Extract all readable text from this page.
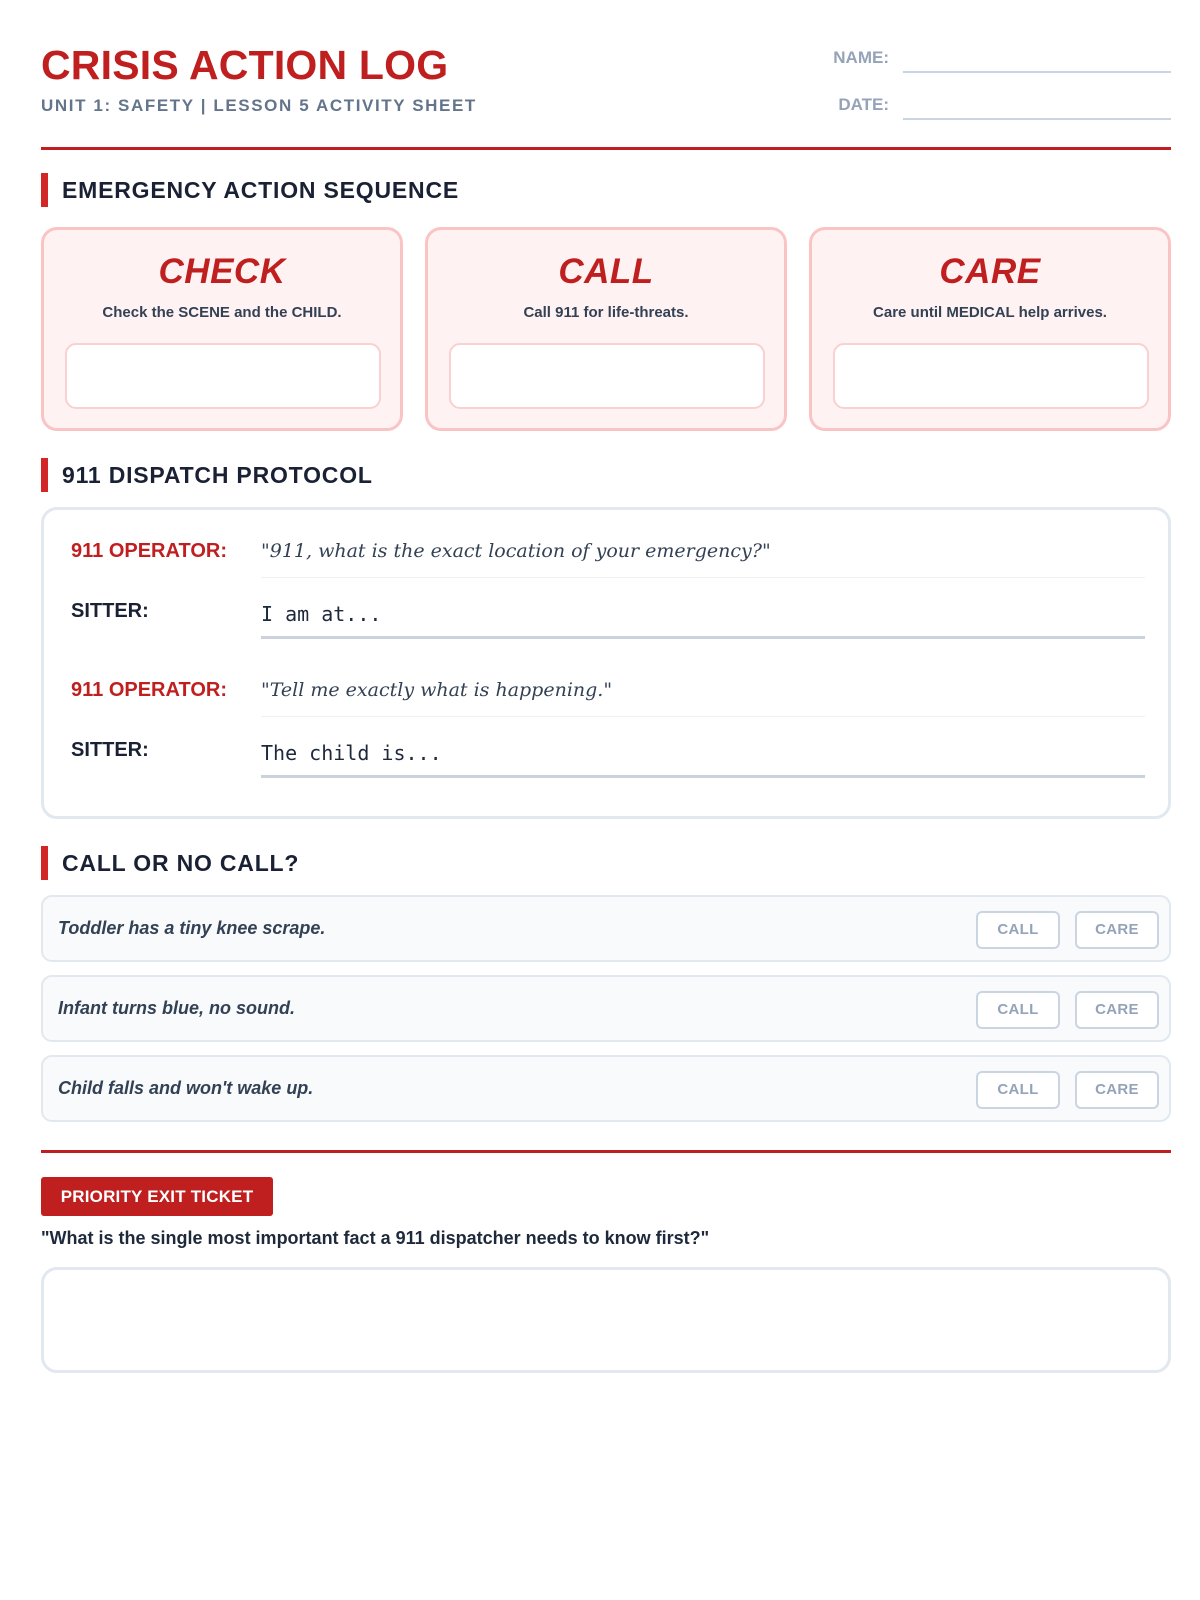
CRISIS ACTION LOG
UNIT 1: SAFETY | LESSON 5 ACTIVITY SHEET
NAME:
DATE:
EMERGENCY ACTION SEQUENCE
CHECK
Check the SCENE and the CHILD.
CALL
Call 911 for life-threats.
CARE
Care until MEDICAL help arrives.
911 DISPATCH PROTOCOL
911 OPERATOR: "911, what is the exact location of your emergency?"
SITTER:	I am at...
911 OPERATOR: "Tell me exactly what is happening."
SITTER:	The child is...
CALL OR NO CALL?
Toddler has a tiny knee scrape.	CALL	CARE
Infant turns blue, no sound.	CALL	CARE
Child falls and won't wake up.	CALL	CARE
PRIORITY EXIT TICKET
"What is the single most important fact a 911 dispatcher needs to know first?"
